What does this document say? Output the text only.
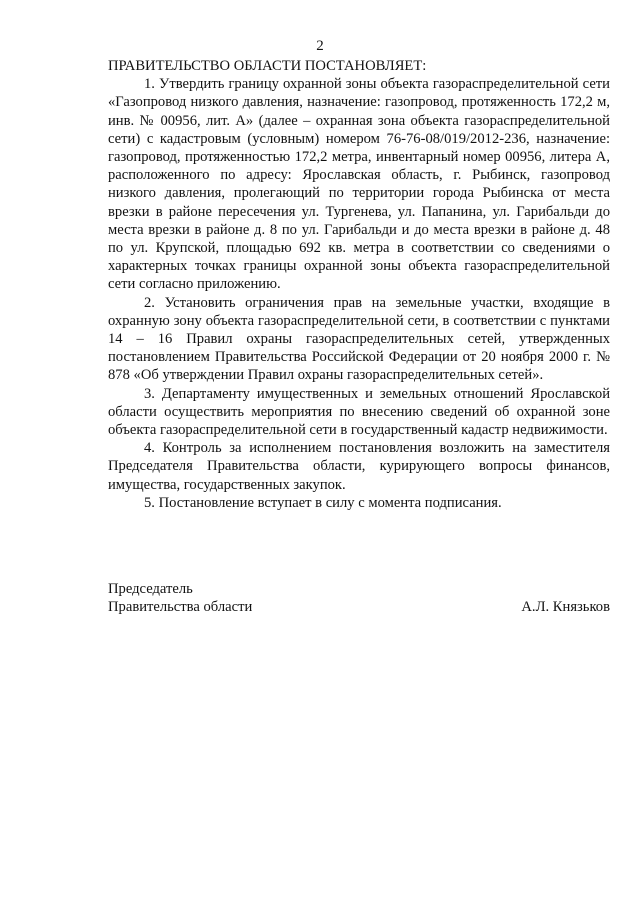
2

ПРАВИТЕЛЬСТВО ОБЛАСТИ ПОСТАНОВЛЯЕТ:

1. Утвердить границу охранной зоны объекта газораспределительной сети «Газопровод низкого давления, назначение: газопровод, протяженность 172,2 м, инв. № 00956, лит. А» (далее – охранная зона объекта газораспределительной сети) с кадастровым (условным) номером 76-76-08/019/2012-236, назначение: газопровод, протяженностью 172,2 метра, инвентарный номер 00956, литера А, расположенного по адресу: Ярославская область, г. Рыбинск, газопровод низкого давления, пролегающий по территории города Рыбинска от места врезки в районе пересечения ул. Тургенева, ул. Папанина, ул. Гарибальди до места врезки в районе д. 8 по ул. Гарибальди и до места врезки в районе д. 48 по ул. Крупской, площадью 692 кв. метра в соответствии со сведениями о характерных точках границы охранной зоны объекта газораспределительной сети согласно приложению.

2. Установить ограничения прав на земельные участки, входящие в охранную зону объекта газораспределительной сети, в соответствии с пунктами 14 – 16 Правил охраны газораспределительных сетей, утвержденных постановлением Правительства Российской Федерации от 20 ноября 2000 г. № 878 «Об утверждении Правил охраны газораспределительных сетей».

3. Департаменту имущественных и земельных отношений Ярославской области осуществить мероприятия по внесению сведений об охранной зоне объекта газораспределительной сети в государственный кадастр недвижимости.

4. Контроль за исполнением постановления возложить на заместителя Председателя Правительства области, курирующего вопросы финансов, имущества, государственных закупок.

5. Постановление вступает в силу с момента подписания.

Председатель
Правительства области	А.Л. Князьков
